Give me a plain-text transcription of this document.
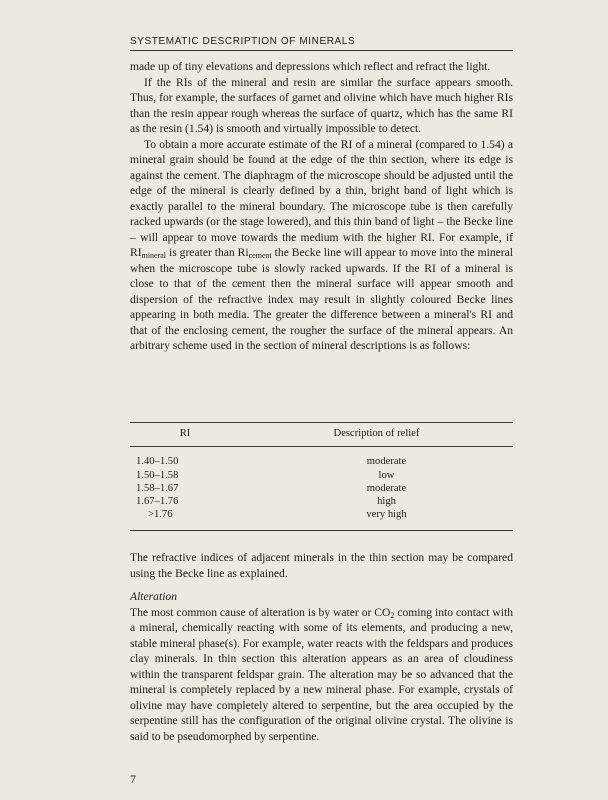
SYSTEMATIC DESCRIPTION OF MINERALS

made up of tiny elevations and depressions which reflect and refract the light.

If the RIs of the mineral and resin are similar the surface appears smooth. Thus, for example, the surfaces of garnet and olivine which have much higher RIs than the resin appear rough whereas the surface of quartz, which has the same RI as the resin (1.54) is smooth and virtually impossible to detect.

To obtain a more accurate estimate of the RI of a mineral (compared to 1.54) a mineral grain should be found at the edge of the thin section, where its edge is against the cement. The diaphragm of the microscope should be adjusted until the edge of the mineral is clearly defined by a thin, bright band of light which is exactly parallel to the mineral boundary. The microscope tube is then carefully racked upwards (or the stage lowered), and this thin band of light – the Becke line – will appear to move towards the medium with the higher RI. For example, if $RI_{mineral}$ is greater than $Ri_{cement}$ the Becke line will appear to move into the mineral when the microscope tube is slowly racked upwards. If the RI of a mineral is close to that of the cement then the mineral surface will appear smooth and dispersion of the refractive index may result in slightly coloured Becke lines appearing in both media. The greater the difference between a mineral's RI and that of the enclosing cement, the rougher the surface of the mineral appears. An arbitrary scheme used in the section of mineral descriptions is as follows:

RI	Description of relief
1.40–1.50	moderate
1.50–1.58	low
1.58–1.67	moderate
1.67–1.76	high
>1.76	very high

The refractive indices of adjacent minerals in the thin section may be compared using the Becke line as explained.

Alteration

The most common cause of alteration is by water or $CO_2$ coming into contact with a mineral, chemically reacting with some of its elements, and producing a new, stable mineral phase(s). For example, water reacts with the feldspars and produces clay minerals. In thin section this alteration appears as an area of cloudiness within the transparent feldspar grain. The alteration may be so advanced that the mineral is completely replaced by a new mineral phase. For example, crystals of olivine may have completely altered to serpentine, but the area occupied by the serpentine still has the configuration of the original olivine crystal. The olivine is said to be pseudomorphed by serpentine.

7
